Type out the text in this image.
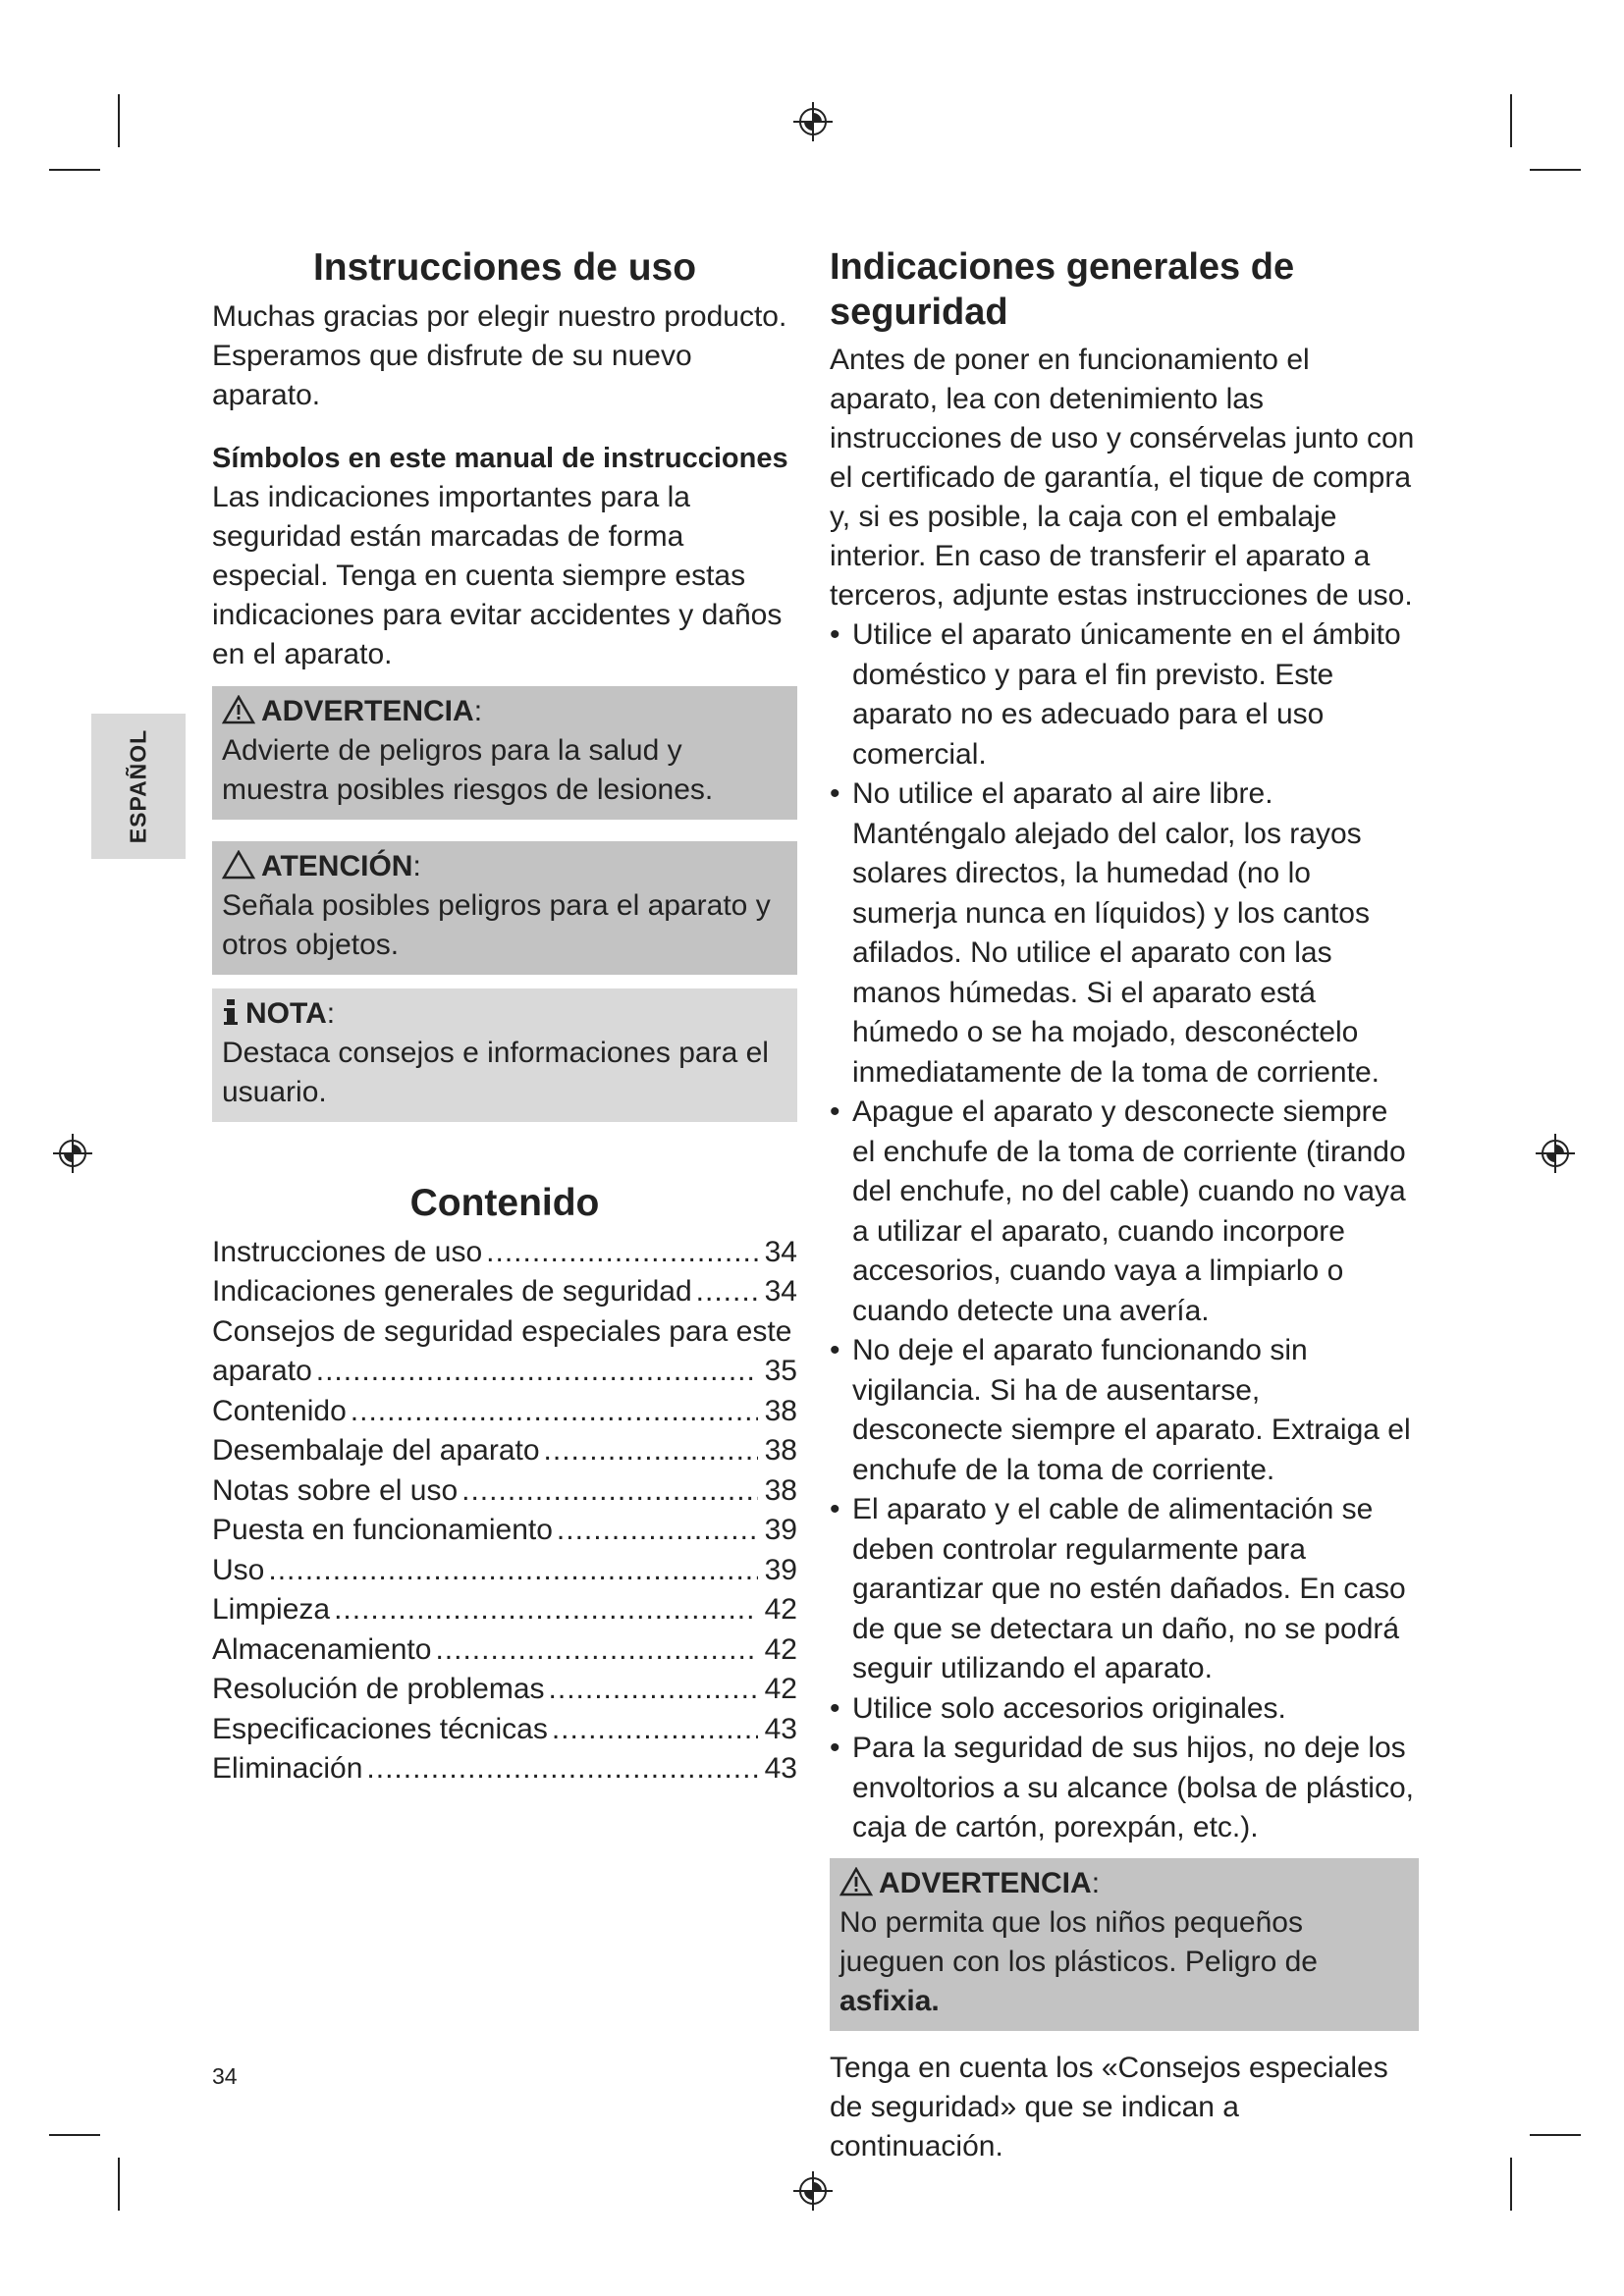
ESPAÑOL
Instrucciones de uso

Muchas gracias por elegir nuestro producto. Esperamos que disfrute de su nuevo aparato.

Símbolos en este manual de instrucciones

Las indicaciones importantes para la seguridad están marcadas de forma especial. Tenga en cuenta siempre estas indicaciones para evitar accidentes y daños en el aparato.

ADVERTENCIA:
Advierte de peligros para la salud y muestra posibles riesgos de lesiones.
ATENCIÓN:
Señala posibles peligros para el aparato y otros objetos.
NOTA:
Destaca consejos e informaciones para el usuario.
Contenido
Instrucciones de uso .....	34
Indicaciones generales de seguridad ..... 34
Consejos de seguridad especiales para este
aparato .....	35
Contenido .....	38
Desembalaje del aparato .....	38
Notas sobre el uso .....	38
Puesta en funcionamiento .....	39
Uso .....	39
Limpieza .....	42
Almacenamiento .....	42
Resolución de problemas .....	42
Especificaciones técnicas .....	43
Eliminación .....	43
Indicaciones generales de seguridad

Antes de poner en funcionamiento el aparato, lea con detenimiento las instrucciones de uso y consérvelas junto con el certificado de garantía, el tique de compra y, si es posible, la caja con el embalaje interior. En caso de transferir el aparato a terceros, adjunte estas instrucciones de uso.

• Utilice el aparato únicamente en el ámbito doméstico y para el fin previsto. Este aparato no es adecuado para el uso comercial.
• No utilice el aparato al aire libre. Manténgalo alejado del calor, los rayos solares directos, la humedad (no lo sumerja nunca en líquidos) y los cantos afilados. No utilice el aparato con las manos húmedas. Si el aparato está húmedo o se ha mojado, desconéctelo inmediatamente de la toma de corriente.
• Apague el aparato y desconecte siempre el enchufe de la toma de corriente (tirando del enchufe, no del cable) cuando no vaya a utilizar el aparato, cuando incorpore accesorios, cuando vaya a limpiarlo o cuando detecte una avería.
• No deje el aparato funcionando sin vigilancia. Si ha de ausentarse, desconecte siempre el aparato. Extraiga el enchufe de la toma de corriente.
• El aparato y el cable de alimentación se deben controlar regularmente para garantizar que no estén dañados. En caso de que se detectara un daño, no se podrá seguir utilizando el aparato.
• Utilice solo accesorios originales.
• Para la seguridad de sus hijos, no deje los envoltorios a su alcance (bolsa de plástico, caja de cartón, porexpán, etc.).
ADVERTENCIA:
No permita que los niños pequeños jueguen con los plásticos. Peligro de asfixia.

Tenga en cuenta los «Consejos especiales de seguridad» que se indican a continuación.

34
